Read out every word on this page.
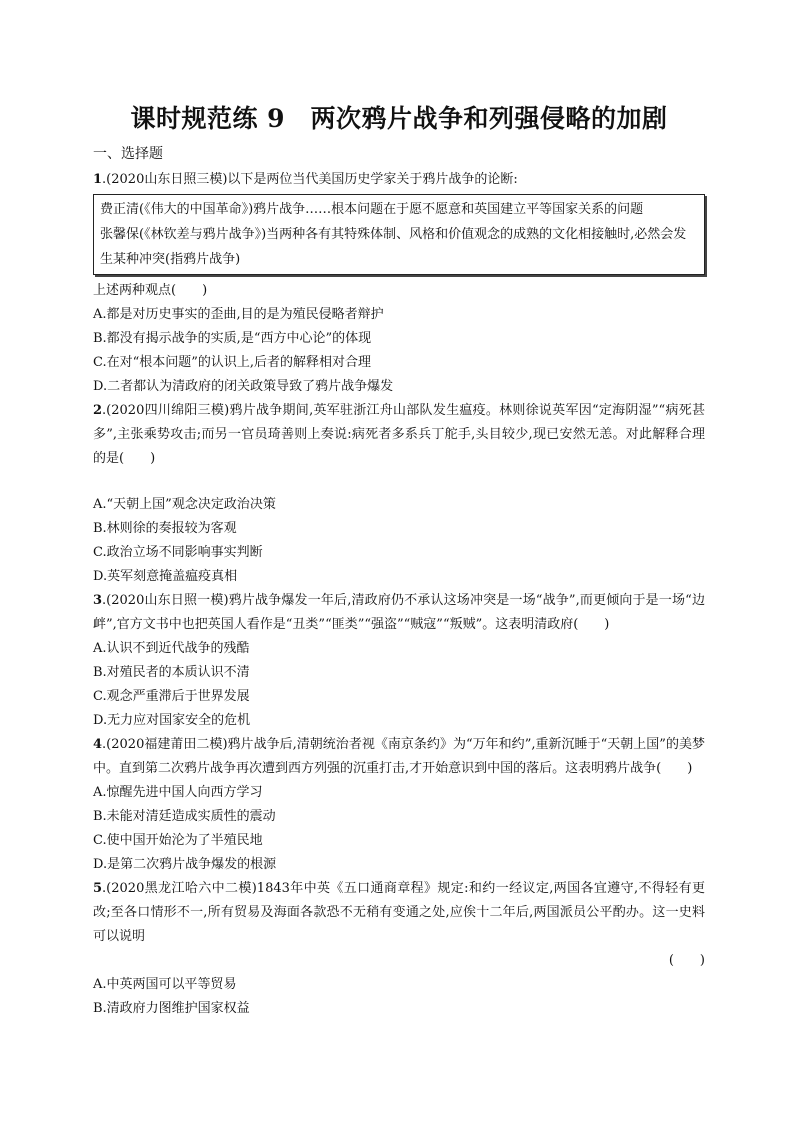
课时规范练 9　两次鸦片战争和列强侵略的加剧
一、选择题
1.(2020山东日照三模)以下是两位当代美国历史学家关于鸦片战争的论断:
费正清(《伟大的中国革命》)鸦片战争……根本问题在于愿不愿意和英国建立平等国家关系的问题
张馨保(《林钦差与鸦片战争》)当两种各有其特殊体制、风格和价值观念的成熟的文化相接触时,必然会发生某种冲突(指鸦片战争)
上述两种观点(　　)
A.都是对历史事实的歪曲,目的是为殖民侵略者辩护
B.都没有揭示战争的实质,是“西方中心论”的体现
C.在对“根本问题”的认识上,后者的解释相对合理
D.二者都认为清政府的闭关政策导致了鸦片战争爆发
2.(2020四川绵阳三模)鸦片战争期间,英军驻浙江舟山部队发生瘟疫。林则徐说英军因“定海阴湿”“病死甚多”,主张乘势攻击;而另一官员琦善则上奏说:病死者多系兵丁舵手,头目较少,现已安然无恙。对此解释合理的是(　　)
A.“天朝上国”观念决定政治决策
B.林则徐的奏报较为客观
C.政治立场不同影响事实判断
D.英军刻意掩盖瘟疫真相
3.(2020山东日照一模)鸦片战争爆发一年后,清政府仍不承认这场冲突是一场“战争”,而更倾向于是一场“边衅”,官方文书中也把英国人看作是“丑类”“匪类”“强盗”“贼寇”“叛贼”。这表明清政府(　　)
A.认识不到近代战争的残酷
B.对殖民者的本质认识不清
C.观念严重滞后于世界发展
D.无力应对国家安全的危机
4.(2020福建莆田二模)鸦片战争后,清朝统治者视《南京条约》为“万年和约”,重新沉睡于“天朝上国”的美梦中。直到第二次鸦片战争再次遭到西方列强的沉重打击,才开始意识到中国的落后。这表明鸦片战争(　　)
A.惊醒先进中国人向西方学习
B.未能对清廷造成实质性的震动
C.使中国开始沦为了半殖民地
D.是第二次鸦片战争爆发的根源
5.(2020黑龙江哈六中二模)1843年中英《五口通商章程》规定:和约一经议定,两国各宜遵守,不得轻有更改;至各口情形不一,所有贸易及海面各款恐不无稍有变通之处,应俟十二年后,两国派员公平酌办。这一史料可以说明
(　　)
A.中英两国可以平等贸易
B.清政府力图维护国家权益
